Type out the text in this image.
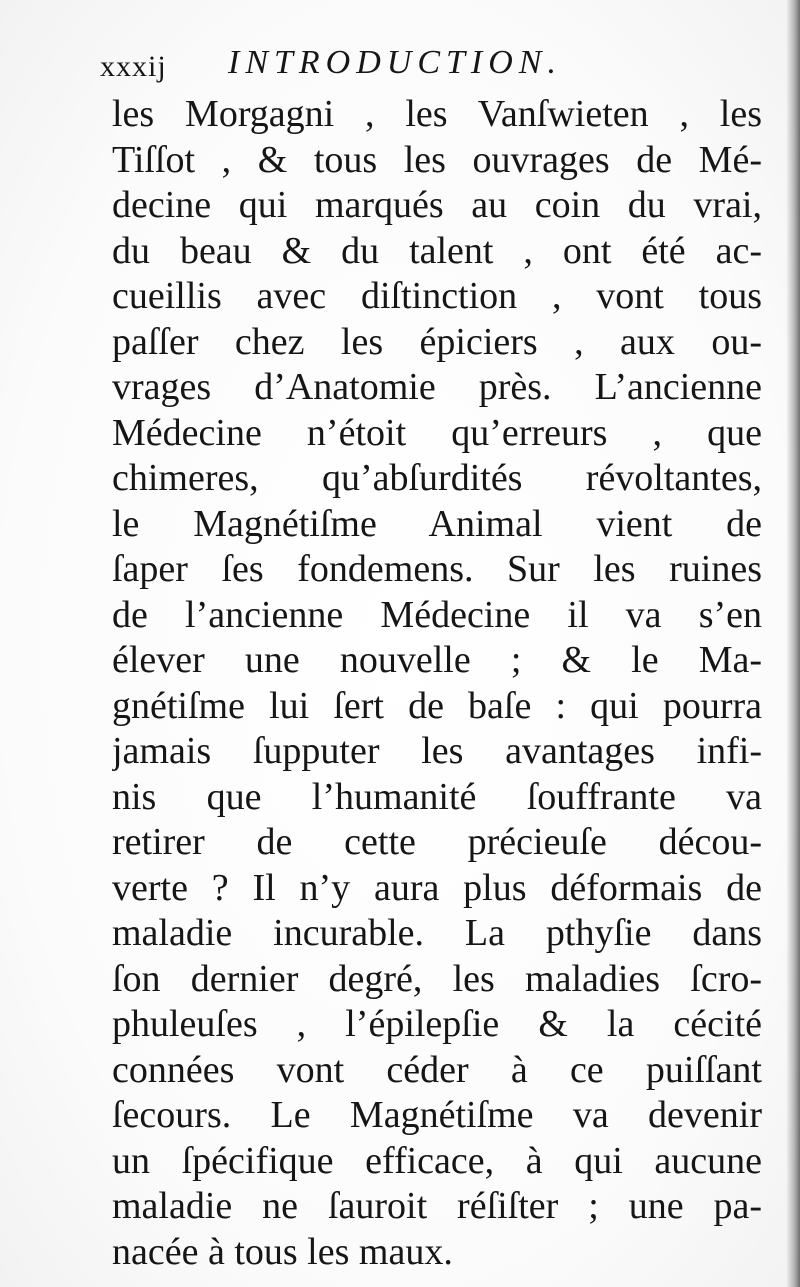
xxxij INTRODUCTION.
les Morgagni , les Vanſwieten , les
Tiſſot , & tous les ouvrages de Mé-
decine qui marqués au coin du vrai,
du beau & du talent , ont été ac-
cueillis avec diſtinction , vont tous
paſſer chez les épiciers , aux ou-
vrages d’Anatomie près. L’ancienne
Médecine n’étoit qu’erreurs , que
chimeres, qu’abſurdités révoltantes,
le Magnétiſme Animal vient de
ſaper ſes fondemens. Sur les ruines
de l’ancienne Médecine il va s’en
élever une nouvelle ; & le Ma-
gnétiſme lui ſert de baſe : qui pourra
jamais ſupputer les avantages infi-
nis que l’humanité ſouffrante va
retirer de cette précieuſe décou-
verte ? Il n’y aura plus déformais de
maladie incurable. La pthyſie dans
ſon dernier degré, les maladies ſcro-
phuleuſes , l’épilepſie & la cécité
connées vont céder à ce puiſſant
ſecours. Le Magnétiſme va devenir
un ſpécifique efficace, à qui aucune
maladie ne ſauroit réſiſter ; une pa-
nacée à tous les maux.
